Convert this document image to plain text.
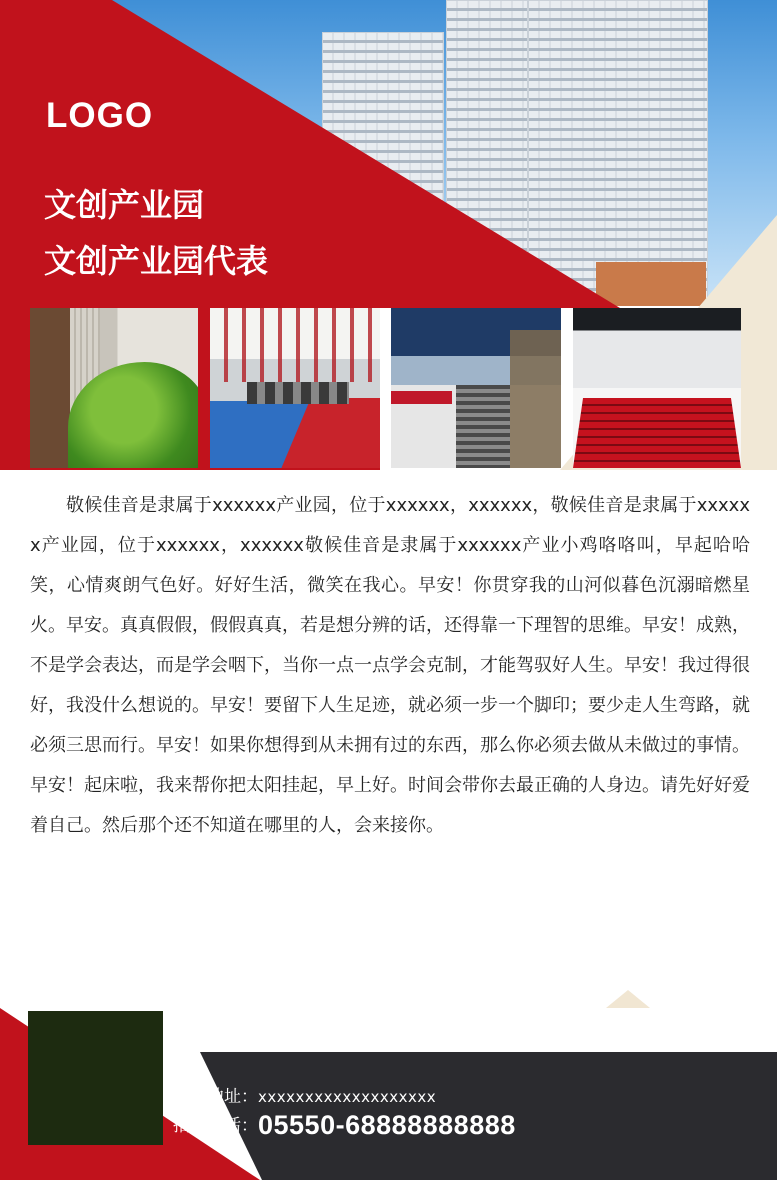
LOGO
文创产业园
文创产业园代表
敬候佳音是隶属于xxxxxx产业园，位于xxxxxx，xxxxxx，敬候佳音是隶属于xxxxxx产业园，位于xxxxxx，xxxxxx敬候佳音是隶属于xxxxxx产业小鸡咯咯叫，早起哈哈笑，心情爽朗气色好。好好生活，微笑在我心。早安！你贯穿我的山河似暮色沉溺暗燃星火。早安。真真假假，假假真真，若是想分辨的话，还得靠一下理智的思维。早安！成熟，不是学会表达，而是学会咽下，当你一点一点学会克制，才能驾驭好人生。早安！我过得很好，我没什么想说的。早安！要留下人生足迹，就必须一步一个脚印；要少走人生弯路，就必须三思而行。早安！如果你想得到从未拥有过的东西，那么你必须去做从未做过的事情。早安！起床啦，我来帮你把太阳挂起，早上好。时间会带你去最正确的人身边。请先好好爱着自己。然后那个还不知道在哪里的人，会来接你。
办公地址：xxxxxxxxxxxxxxxxxxx
招商电话：05550-68888888888
